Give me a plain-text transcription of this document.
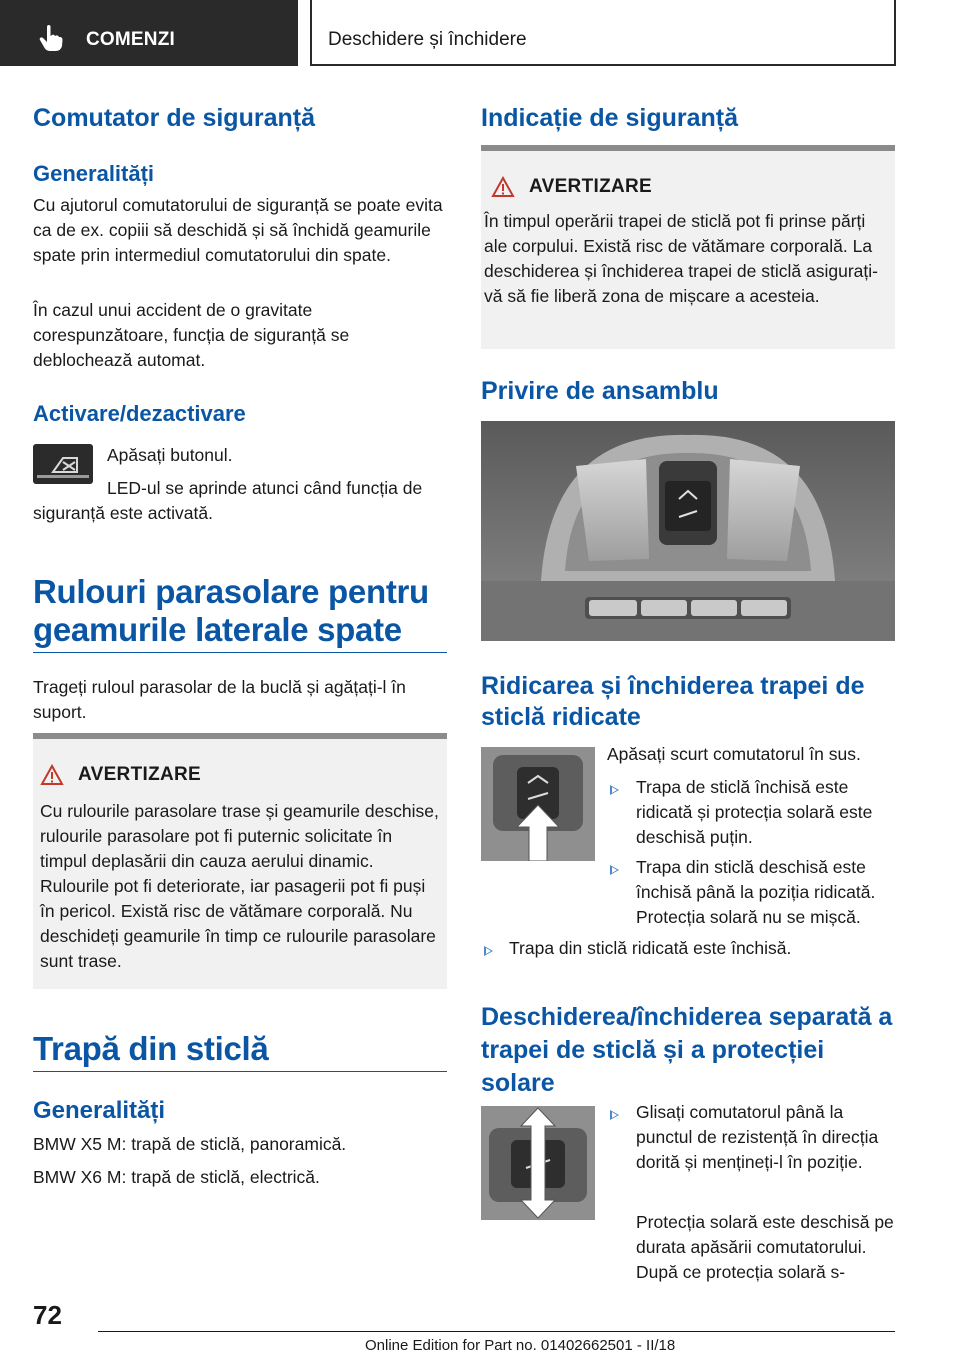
COMENZI	Deschidere și închidere
Comutator de siguranță
Generalități
Cu ajutorul comutatorului de siguranță se poate evita ca de ex. copiii să deschidă și să închidă geamurile spate prin intermediul comutatorului din spate.
În cazul unui accident de o gravitate corespunzătoare, funcția de siguranță se deblochează automat.
Activare/dezactivare
Apăsați butonul.
LED-ul se aprinde atunci când funcția de siguranță este activată.
Rulouri parasolare pentru geamurile laterale spate
Trageți ruloul parasolar de la buclă și agățați-l în suport.
AVERTIZARE
Cu rulourile parasolare trase și geamurile deschise, rulourile parasolare pot fi puternic solicitate în timpul deplasării din cauza aerului dinamic. Rulourile pot fi deteriorate, iar pasagerii pot fi puși în pericol. Există risc de vătămare corporală. Nu deschideți geamurile în timp ce rulourile parasolare sunt trase.
Trapă din sticlă
Generalități
BMW X5 M: trapă de sticlă, panoramică.
BMW X6 M: trapă de sticlă, electrică.
Indicație de siguranță
AVERTIZARE
În timpul operării trapei de sticlă pot fi prinse părți ale corpului. Există risc de vătămare corporală. La deschiderea și închiderea trapei de sticlă asigurați-vă să fie liberă zona de mișcare a acesteia.
Privire de ansamblu
Ridicarea și închiderea trapei de sticlă ridicate
Apăsați scurt comutatorul în sus.
Trapa de sticlă închisă este ridicată și protecția solară este deschisă puțin.
Trapa din sticlă deschisă este închisă până la poziția ridicată. Protecția solară nu se mișcă.
Trapa din sticlă ridicată este închisă.
Deschiderea/închiderea separată a trapei de sticlă și a protecției solare
Glisați comutatorul până la punctul de rezistență în direcția dorită și mențineți-l în poziție.
Protecția solară este deschisă pe durata apăsării comutatorului. După ce protecția solară s-
72
Online Edition for Part no. 01402662501 - II/18
